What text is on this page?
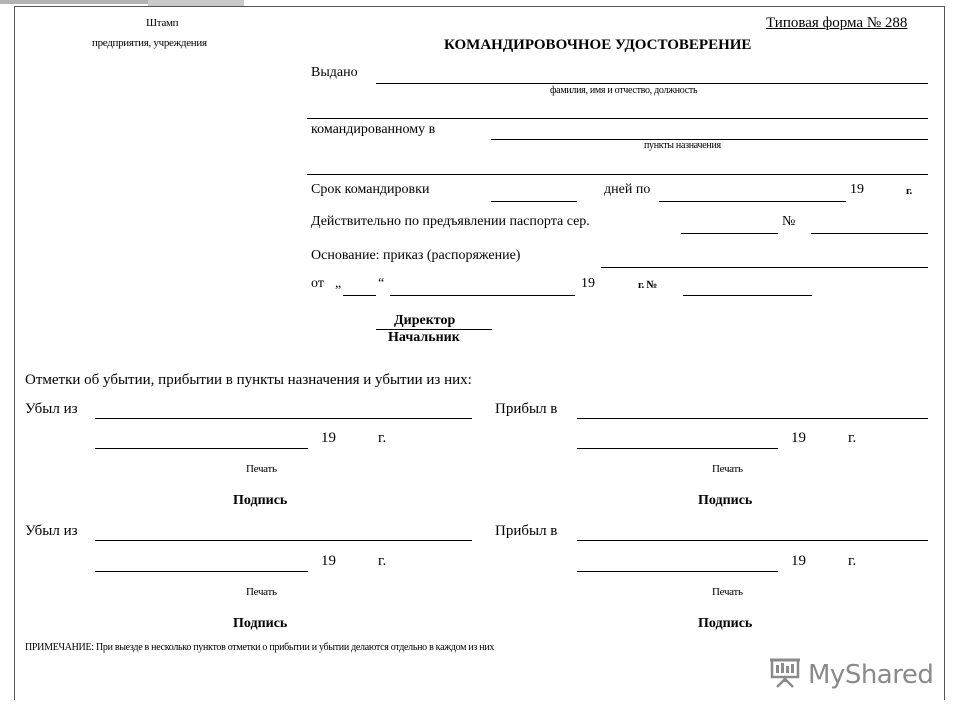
Штамп
предприятия, учреждения
Типовая форма № 288
КОМАНДИРОВОЧНОЕ УДОСТОВЕРЕНИЕ
Выдано
фамилия, имя и отчество, должность
командированному в
пункты назначения
Срок командировки	дней по	19	г.
Действительно по предъявлении паспорта сер.	№
Основание: приказ (распоряжение)
от „	“	19	г. №
Директор
Начальник
Отметки об убытии, прибытии в пункты назначения и убытии из них:
Убыл из	Прибыл в
19	г.	19	г.
Печать	Печать
Подпись	Подпись
Убыл из	Прибыл в
19	г.	19	г.
Печать	Печать
Подпись	Подпись
ПРИМЕЧАНИЕ: При выезде в несколько пунктов отметки о прибытии и убытии делаются отдельно в каждом из них
MyShared
